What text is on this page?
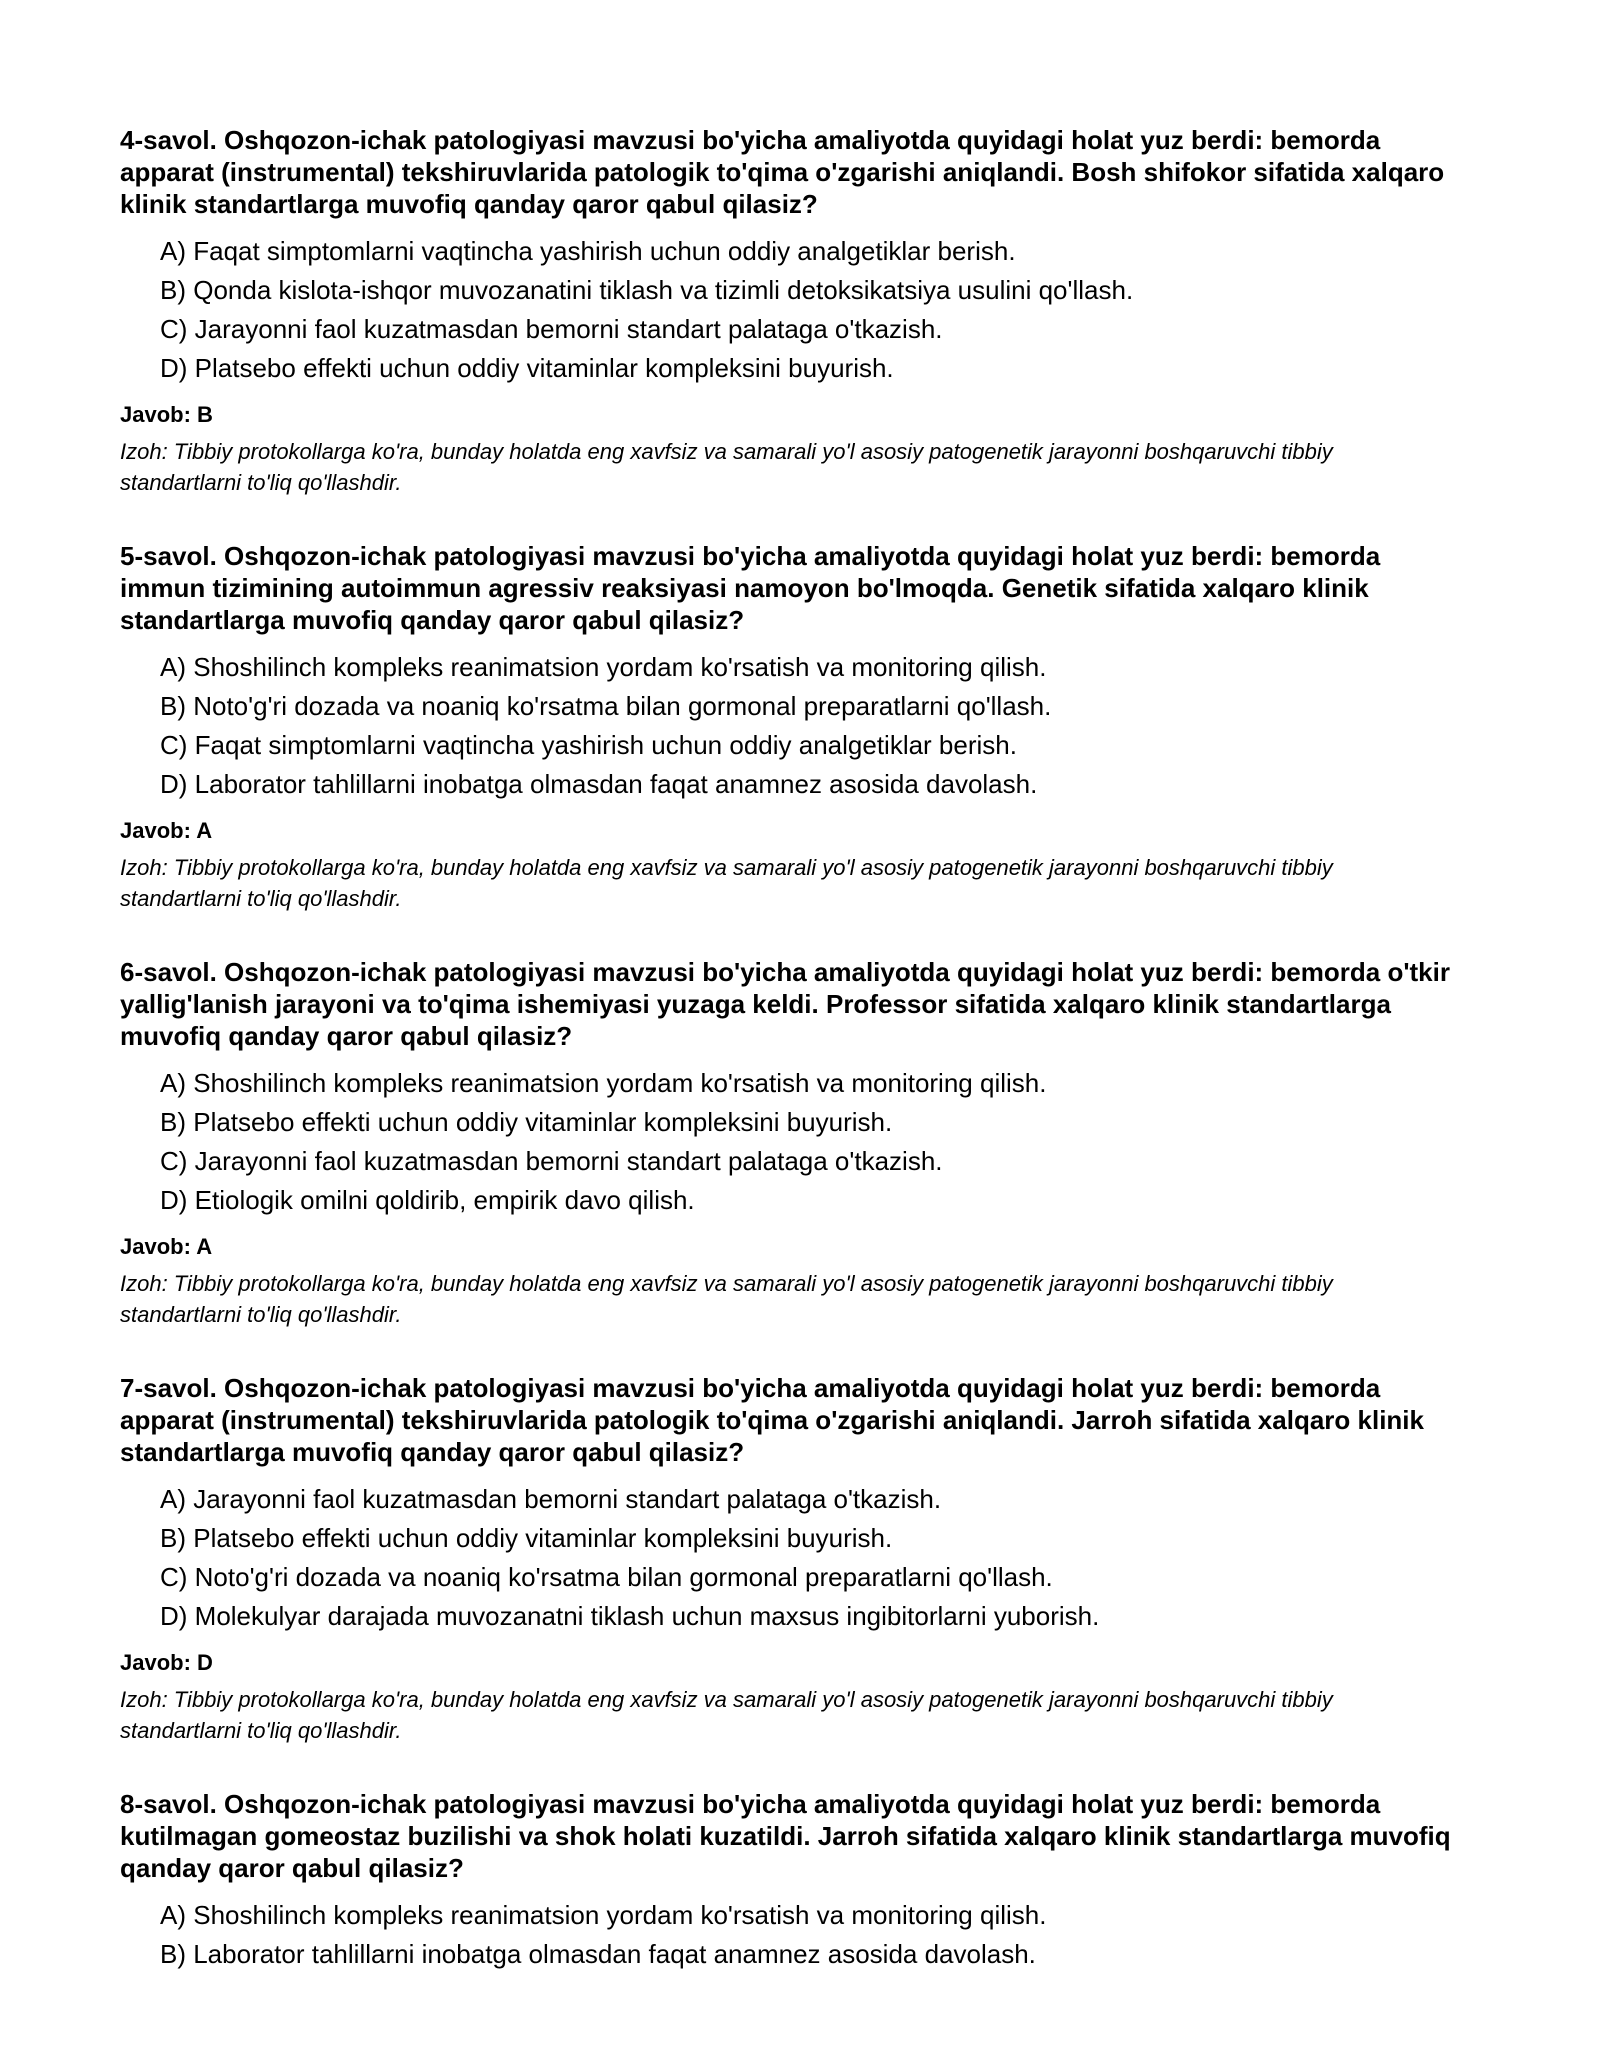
4-savol. Oshqozon-ichak patologiyasi mavzusi bo'yicha amaliyotda quyidagi holat yuz berdi: bemorda apparat (instrumental) tekshiruvlarida patologik to'qima o'zgarishi aniqlandi. Bosh shifokor sifatida xalqaro klinik standartlarga muvofiq qanday qaror qabul qilasiz?

A) Faqat simptomlarni vaqtincha yashirish uchun oddiy analgetiklar berish.
B) Qonda kislota-ishqor muvozanatini tiklash va tizimli detoksikatsiya usulini qo'llash.
C) Jarayonni faol kuzatmasdan bemorni standart palataga o'tkazish.
D) Platsebo effekti uchun oddiy vitaminlar kompleksini buyurish.

Javob: B

Izoh: Tibbiy protokollarga ko'ra, bunday holatda eng xavfsiz va samarali yo'l asosiy patogenetik jarayonni boshqaruvchi tibbiy standartlarni to'liq qo'llashdir.

5-savol. Oshqozon-ichak patologiyasi mavzusi bo'yicha amaliyotda quyidagi holat yuz berdi: bemorda immun tizimining autoimmun agressiv reaksiyasi namoyon bo'lmoqda. Genetik sifatida xalqaro klinik standartlarga muvofiq qanday qaror qabul qilasiz?

A) Shoshilinch kompleks reanimatsion yordam ko'rsatish va monitoring qilish.
B) Noto'g'ri dozada va noaniq ko'rsatma bilan gormonal preparatlarni qo'llash.
C) Faqat simptomlarni vaqtincha yashirish uchun oddiy analgetiklar berish.
D) Laborator tahlillarni inobatga olmasdan faqat anamnez asosida davolash.

Javob: A

Izoh: Tibbiy protokollarga ko'ra, bunday holatda eng xavfsiz va samarali yo'l asosiy patogenetik jarayonni boshqaruvchi tibbiy standartlarni to'liq qo'llashdir.

6-savol. Oshqozon-ichak patologiyasi mavzusi bo'yicha amaliyotda quyidagi holat yuz berdi: bemorda o'tkir yallig'lanish jarayoni va to'qima ishemiyasi yuzaga keldi. Professor sifatida xalqaro klinik standartlarga muvofiq qanday qaror qabul qilasiz?

A) Shoshilinch kompleks reanimatsion yordam ko'rsatish va monitoring qilish.
B) Platsebo effekti uchun oddiy vitaminlar kompleksini buyurish.
C) Jarayonni faol kuzatmasdan bemorni standart palataga o'tkazish.
D) Etiologik omilni qoldirib, empirik davo qilish.

Javob: A

Izoh: Tibbiy protokollarga ko'ra, bunday holatda eng xavfsiz va samarali yo'l asosiy patogenetik jarayonni boshqaruvchi tibbiy standartlarni to'liq qo'llashdir.

7-savol. Oshqozon-ichak patologiyasi mavzusi bo'yicha amaliyotda quyidagi holat yuz berdi: bemorda apparat (instrumental) tekshiruvlarida patologik to'qima o'zgarishi aniqlandi. Jarroh sifatida xalqaro klinik standartlarga muvofiq qanday qaror qabul qilasiz?

A) Jarayonni faol kuzatmasdan bemorni standart palataga o'tkazish.
B) Platsebo effekti uchun oddiy vitaminlar kompleksini buyurish.
C) Noto'g'ri dozada va noaniq ko'rsatma bilan gormonal preparatlarni qo'llash.
D) Molekulyar darajada muvozanatni tiklash uchun maxsus ingibitorlarni yuborish.

Javob: D

Izoh: Tibbiy protokollarga ko'ra, bunday holatda eng xavfsiz va samarali yo'l asosiy patogenetik jarayonni boshqaruvchi tibbiy standartlarni to'liq qo'llashdir.

8-savol. Oshqozon-ichak patologiyasi mavzusi bo'yicha amaliyotda quyidagi holat yuz berdi: bemorda kutilmagan gomeostaz buzilishi va shok holati kuzatildi. Jarroh sifatida xalqaro klinik standartlarga muvofiq qanday qaror qabul qilasiz?

A) Shoshilinch kompleks reanimatsion yordam ko'rsatish va monitoring qilish.
B) Laborator tahlillarni inobatga olmasdan faqat anamnez asosida davolash.
